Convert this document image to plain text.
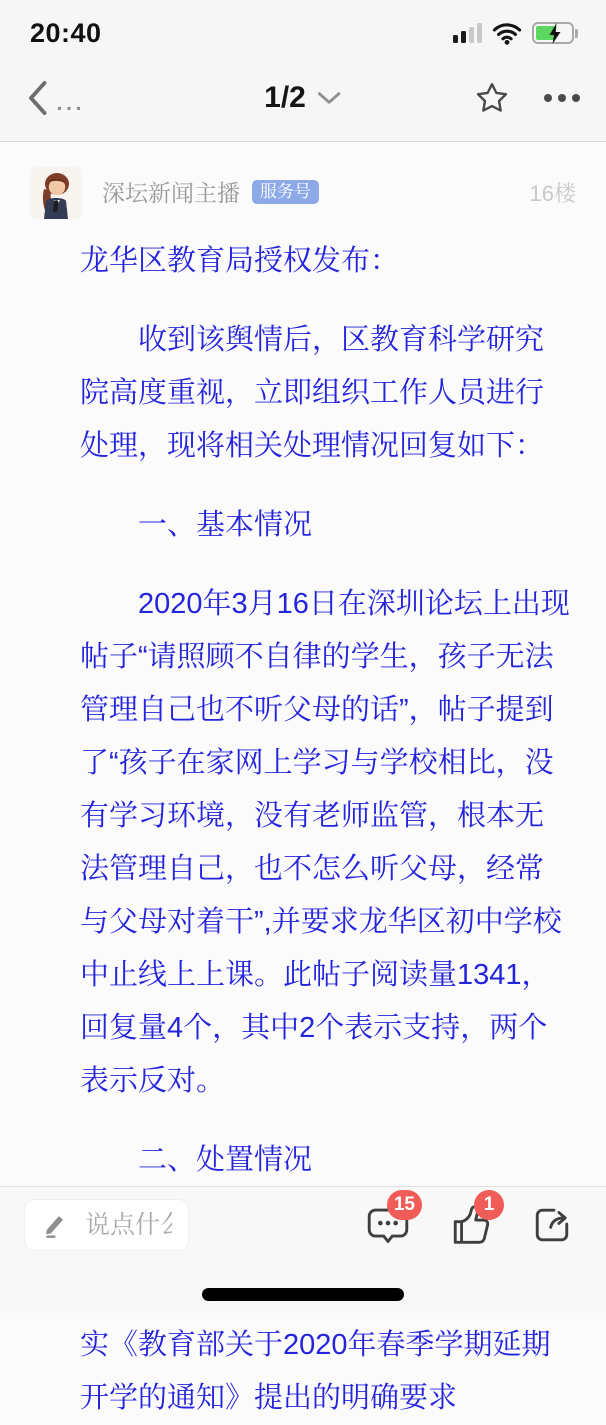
20:40
…	1/2
深坛新闻主播	服务号	16楼

龙华区教育局授权发布：

收到该舆情后，区教育科学研究院高度重视，立即组织工作人员进行处理，现将相关处理情况回复如下：

一、基本情况

2020年3月16日在深圳论坛上出现帖子“请照顾不自律的学生，孩子无法管理自己也不听父母的话”，帖子提到了“孩子在家网上学习与学校相比，没有学习环境，没有老师监管，根本无法管理自己，也不怎么听父母，经常与父母对着干”,并要求龙华区初中学校中止线上上课。此帖子阅读量1341，回复量4个，其中2个表示支持，两个表示反对。

二、处置情况

实《教育部关于2020年春季学期延期开学的通知》提出的明确要求

说点什么吧...
15	1
